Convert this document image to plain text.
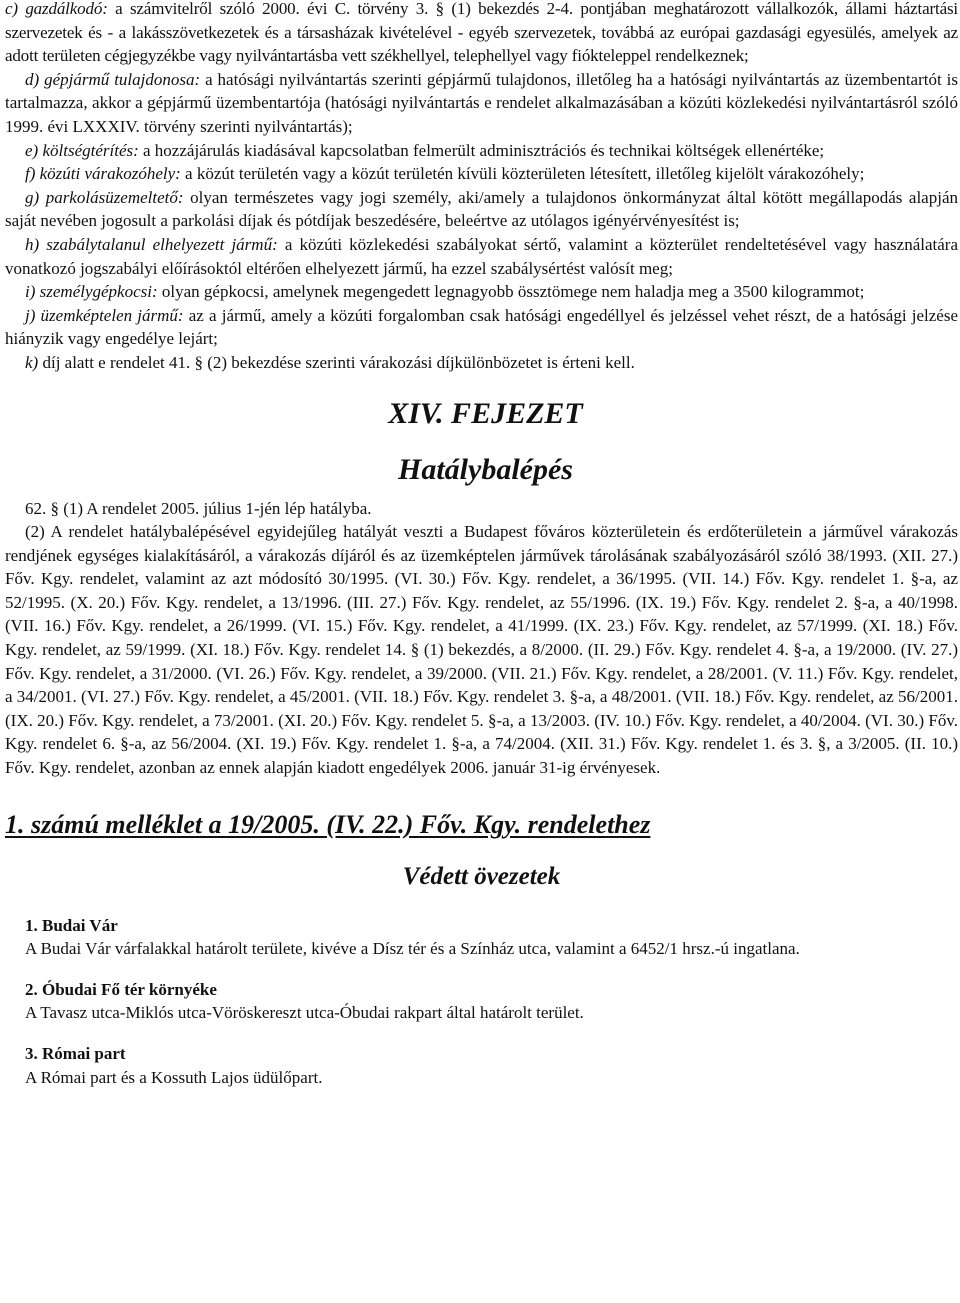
c) gazdálkodó: a számvitelről szóló 2000. évi C. törvény 3. § (1) bekezdés 2-4. pontjában meghatározott vállalkozók, állami háztartási szervezetek és - a lakásszövetkezetek és a társasházak kivételével - egyéb szervezetek, továbbá az európai gazdasági egyesülés, amelyek az adott területen cégjegyzékbe vagy nyilvántartásba vett székhellyel, telephellyel vagy fiókteleppel rendelkeznek;

d) gépjármű tulajdonosa: a hatósági nyilvántartás szerinti gépjármű tulajdonos, illetőleg ha a hatósági nyilvántartás az üzembentartót is tartalmazza, akkor a gépjármű üzembentartója (hatósági nyilvántartás e rendelet alkalmazásában a közúti közlekedési nyilvántartásról szóló 1999. évi LXXXIV. törvény szerinti nyilvántartás);

e) költségtérítés: a hozzájárulás kiadásával kapcsolatban felmerült adminisztrációs és technikai költségek ellenértéke;

f) közúti várakozóhely: a közút területén vagy a közút területén kívüli közterületen létesített, illetőleg kijelölt várakozóhely;

g) parkolásüzemeltető: olyan természetes vagy jogi személy, aki/amely a tulajdonos önkormányzat által kötött megállapodás alapján saját nevében jogosult a parkolási díjak és pótdíjak beszedésére, beleértve az utólagos igényérvényesítést is;

h) szabálytalanul elhelyezett jármű: a közúti közlekedési szabályokat sértő, valamint a közterület rendeltetésével vagy használatára vonatkozó jogszabályi előírásoktól eltérően elhelyezett jármű, ha ezzel szabálysértést valósít meg;

i) személygépkocsi: olyan gépkocsi, amelynek megengedett legnagyobb össztömege nem haladja meg a 3500 kilogrammot;

j) üzemképtelen jármű: az a jármű, amely a közúti forgalomban csak hatósági engedéllyel és jelzéssel vehet részt, de a hatósági jelzése hiányzik vagy engedélye lejárt;

k) díj alatt e rendelet 41. § (2) bekezdése szerinti várakozási díjkülönbözetet is érteni kell.

XIV. FEJEZET
Hatálybalépés

62. § (1) A rendelet 2005. július 1-jén lép hatályba.

(2) A rendelet hatálybalépésével egyidejűleg hatályát veszti a Budapest főváros közterületein és erdőterületein a járművel várakozás rendjének egységes kialakításáról, a várakozás díjáról és az üzemképtelen járművek tárolásának szabályozásáról szóló 38/1993. (XII. 27.) Főv. Kgy. rendelet, valamint az azt módosító 30/1995. (VI. 30.) Főv. Kgy. rendelet, a 36/1995. (VII. 14.) Főv. Kgy. rendelet 1. §-a, az 52/1995. (X. 20.) Főv. Kgy. rendelet, a 13/1996. (III. 27.) Főv. Kgy. rendelet, az 55/1996. (IX. 19.) Főv. Kgy. rendelet 2. §-a, a 40/1998. (VII. 16.) Főv. Kgy. rendelet, a 26/1999. (VI. 15.) Főv. Kgy. rendelet, a 41/1999. (IX. 23.) Főv. Kgy. rendelet, az 57/1999. (XI. 18.) Főv. Kgy. rendelet, az 59/1999. (XI. 18.) Főv. Kgy. rendelet 14. § (1) bekezdés, a 8/2000. (II. 29.) Főv. Kgy. rendelet 4. §-a, a 19/2000. (IV. 27.) Főv. Kgy. rendelet, a 31/2000. (VI. 26.) Főv. Kgy. rendelet, a 39/2000. (VII. 21.) Főv. Kgy. rendelet, a 28/2001. (V. 11.) Főv. Kgy. rendelet, a 34/2001. (VI. 27.) Főv. Kgy. rendelet, a 45/2001. (VII. 18.) Főv. Kgy. rendelet 3. §-a, a 48/2001. (VII. 18.) Főv. Kgy. rendelet, az 56/2001. (IX. 20.) Főv. Kgy. rendelet, a 73/2001. (XI. 20.) Főv. Kgy. rendelet 5. §-a, a 13/2003. (IV. 10.) Főv. Kgy. rendelet, a 40/2004. (VI. 30.) Főv. Kgy. rendelet 6. §-a, az 56/2004. (XI. 19.) Főv. Kgy. rendelet 1. §-a, a 74/2004. (XII. 31.) Főv. Kgy. rendelet 1. és 3. §, a 3/2005. (II. 10.) Főv. Kgy. rendelet, azonban az ennek alapján kiadott engedélyek 2006. január 31-ig érvényesek.

1. számú melléklet a 19/2005. (IV. 22.) Főv. Kgy. rendelethez
Védett övezetek
1. Budai Vár

A Budai Vár várfalakkal határolt területe, kivéve a Dísz tér és a Színház utca, valamint a 6452/1 hrsz.-ú ingatlana.

2. Óbudai Fő tér környéke

A Tavasz utca-Miklós utca-Vöröskereszt utca-Óbudai rakpart által határolt terület.

3. Római part

A Római part és a Kossuth Lajos üdülőpart.
